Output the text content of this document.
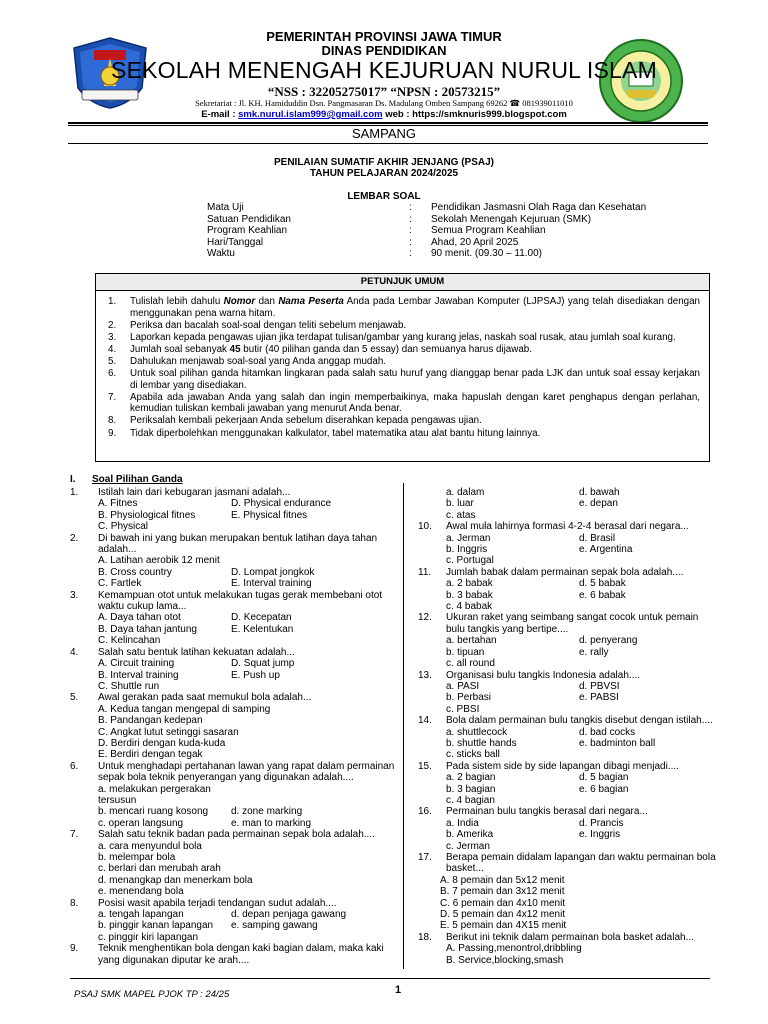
PEMERINTAH PROVINSI JAWA TIMUR
DINAS PENDIDIKAN
SEKOLAH MENENGAH KEJURUAN NURUL ISLAM
“NSS : 32205275017” “NPSN : 20573215”
Sekretariat : Jl. KH. Hamiduddin Dsn. Pangmasaran Ds. Madulang Omben Sampang 69262 ☎ 081939011010
E-mail : smk.nurul.islam999@gmail.com web : https://smknuris999.blogspot.com
SAMPANG
PENILAIAN SUMATIF AKHIR JENJANG (PSAJ)
TAHUN PELAJARAN 2024/2025
LEMBAR SOAL
Mata Uji	:	Pendidikan Jasmasni Olah Raga dan Kesehatan
Satuan Pendidikan	:	Sekolah Menengah Kejuruan (SMK)
Program Keahlian	:	Semua Program Keahlian
Hari/Tanggal	:	Ahad, 20 April 2025
Waktu	:	90 menit. (09.30 – 11.00)
PETUNJUK UMUM
1.	Tulislah lebih dahulu Nomor dan Nama Peserta Anda pada Lembar Jawaban Komputer (LJPSAJ) yang telah disediakan dengan menggunakan pena warna hitam.
2.	Periksa dan bacalah soal-soal dengan teliti sebelum menjawab.
3.	Laporkan kepada pengawas ujian jika terdapat tulisan/gambar yang kurang jelas, naskah soal rusak, atau jumlah soal kurang.
4.	Jumlah soal sebanyak 45 butir (40 pilihan ganda dan 5 essay) dan semuanya harus dijawab.
5.	Dahulukan menjawab soal-soal yang Anda anggap mudah.
6.	Untuk soal pilihan ganda hitamkan lingkaran pada salah satu huruf yang dianggap benar pada LJK dan untuk soal essay kerjakan di lembar yang disediakan.
7.	Apabila ada jawaban Anda yang salah dan ingin memperbaikinya, maka hapuslah dengan karet penghapus dengan perlahan, kemudian tuliskan kembali jawaban yang menurut Anda benar.
8.	Periksalah kembali pekerjaan Anda sebelum diserahkan kepada pengawas ujian.
9.	Tidak diperbolehkan menggunakan kalkulator, tabel matematika atau alat bantu hitung lainnya.
I. Soal Pilihan Ganda
1.	Istilah lain dari kebugaran jasmani adalah...
A. Fitnes	D. Physical endurance
B. Physiological fitnes	E. Physical fitnes
C. Physical
2.	Di bawah ini yang bukan merupakan bentuk latihan daya tahan adalah...
A. Latihan aerobik 12 menit
B. Cross country	D. Lompat jongkok
C. Fartlek	E. Interval training
3.	Kemampuan otot untuk melakukan tugas gerak membebani otot waktu cukup lama...
A. Daya tahan otot	D. Kecepatan
B. Daya tahan jantung	E. Kelentukan
C. Kelincahan
4.	Salah satu bentuk latihan kekuatan adalah...
A. Circuit training	D. Squat jump
B. Interval training	E. Push up
C. Shuttle run
5.	Awal gerakan pada saat memukul bola adalah...
A. Kedua tangan mengepal di samping
B. Pandangan kedepan
C. Angkat lutut setinggi sasaran
D. Berdiri dengan kuda-kuda
E. Berdiri dengan tegak
6.	Untuk menghadapi pertahanan lawan yang rapat dalam permainan sepak bola teknik penyerangan yang digunakan adalah....
a. melakukan pergerakan tersusun
b. mencari ruang kosong	d. zone marking
c. operan langsung	e. man to marking
7.	Salah satu teknik badan pada permainan sepak bola adalah....
a. cara menyundul bola
b. melempar bola
c. berlari dan merubah arah
d. menangkap dan menerkam bola
e. menendang bola
8.	Posisi wasit apabila terjadi tendangan sudut adalah....
a. tengah lapangan	d. depan penjaga gawang
b. pinggir kanan lapangan	e. samping gawang
c. pinggir kiri lapangan
9.	Teknik menghentikan bola dengan kaki bagian dalam, maka kaki yang digunakan diputar ke arah....
a. dalam	d. bawah
b. luar	e. depan
c. atas
10.	Awal mula lahirnya formasi 4-2-4 berasal dari negara...
a. Jerman	d. Brasil
b. Inggris	e. Argentina
c. Portugal
11.	Jumlah babak dalam permainan sepak bola adalah....
a. 2 babak	d. 5 babak
b. 3 babak	e. 6 babak
c. 4 babak
12.	Ukuran raket yang seimbang sangat cocok untuk pemain bulu tangkis yang bertipe....
a. bertahan	d. penyerang
b. tipuan	e. rally
c. all round
13.	Organisasi bulu tangkis Indonesia adalah....
a. PASI	d. PBVSI
b. Perbasi	e. PABSI
c. PBSI
14.	Bola dalam permainan bulu tangkis disebut dengan istilah....
a. shuttlecock	d. bad cocks
b. shuttle hands	e. badminton ball
c. sticks ball
15.	Pada sistem side by side lapangan dibagi menjadi....
a. 2 bagian	d. 5 bagian
b. 3 bagian	e. 6 bagian
c. 4 bagian
16.	Permainan bulu tangkis berasal dari negara...
a. India	d. Prancis
b. Amerika	e. Inggris
c. Jerman
17.	Berapa pemain didalam lapangan dan waktu permainan bola basket...
A. 8 pemain dan 5x12 menit
B. 7 pemain dan 3x12 menit
C. 6 pemain dan 4x10 menit
D. 5 pemain dan 4x12 menit
E. 5 pemain dan 4X15 menit
18.	Berikut ini teknik dalam permainan bola basket adalah...
A. Passing,menontrol,dribbling
B. Service,blocking,smash
PSAJ SMK MAPEL PJOK TP : 24/25	1
